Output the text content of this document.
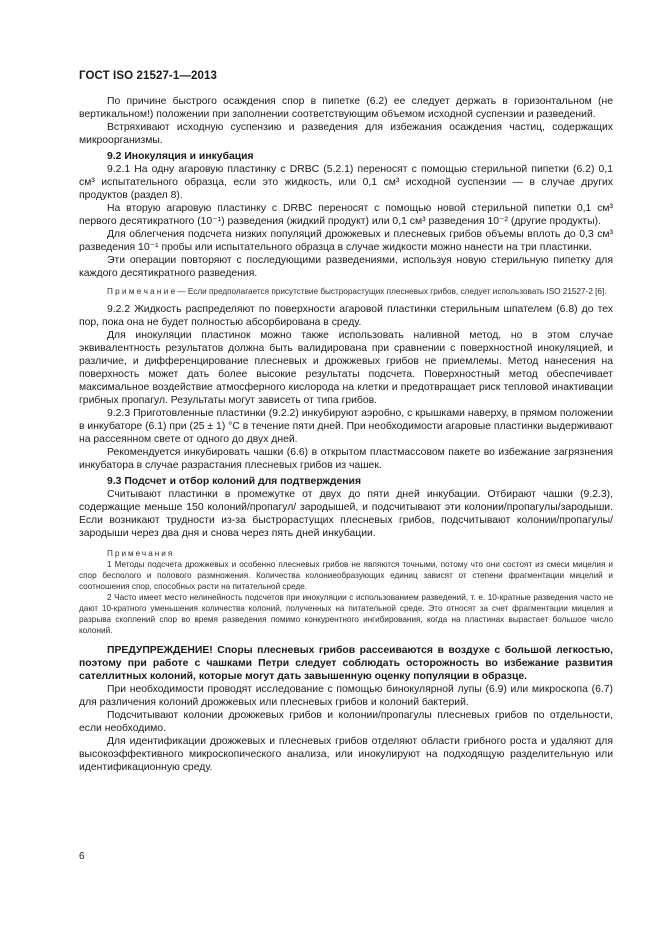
ГОСТ ISO 21527-1—2013

По причине быстрого осаждения спор в пипетке (6.2) ее следует держать в горизонтальном (не вертикальном!) положении при заполнении соответствующим объемом исходной суспензии и разведений.

Встряхивают исходную суспензию и разведения для избежания осаждения частиц, содержащих микроорганизмы.

9.2 Инокуляция и инкубация

9.2.1 На одну агаровую пластинку с DRBC (5.2.1) переносят с помощью стерильной пипетки (6.2) 0,1 см³ испытательного образца, если это жидкость, или 0,1 см³ исходной суспензии — в случае других продуктов (раздел 8).

На вторую агаровую пластинку с DRBC переносят с помощью новой стерильной пипетки 0,1 см³ первого десятикратного (10⁻¹) разведения (жидкий продукт) или 0,1 см³ разведения 10⁻² (другие продукты).

Для облегчения подсчета низких популяций дрожжевых и плесневых грибов объемы вплоть до 0,3 см³ разведения 10⁻¹ пробы или испытательного образца в случае жидкости можно нанести на три пластинки.

Эти операции повторяют с последующими разведениями, используя новую стерильную пипетку для каждого десятикратного разведения.

П р и м е ч а н и е — Если предполагается присутствие быстрорастущих плесневых грибов, следует использовать ISO 21527-2 [6].

9.2.2 Жидкость распределяют по поверхности агаровой пластинки стерильным шпателем (6.8) до тех пор, пока она не будет полностью абсорбирована в среду.

Для инокуляции пластинок можно также использовать наливной метод, но в этом случае эквивалентность результатов должна быть валидирована при сравнении с поверхностной инокуляцией, и различие, и дифференцирование плесневых и дрожжевых грибов не приемлемы. Метод нанесения на поверхность может дать более высокие результаты подсчета. Поверхностный метод обеспечивает максимальное воздействие атмосферного кислорода на клетки и предотвращает риск тепловой инактивации грибных пропагул. Результаты могут зависеть от типа грибов.

9.2.3 Приготовленные пластинки (9.2.2) инкубируют аэробно, с крышками наверху, в прямом положении в инкубаторе (6.1) при (25 ± 1) °С в течение пяти дней. При необходимости агаровые пластинки выдерживают на рассеянном свете от одного до двух дней.

Рекомендуется инкубировать чашки (6.6) в открытом пластмассовом пакете во избежание загрязнения инкубатора в случае разрастания плесневых грибов из чашек.

9.3 Подсчет и отбор колоний для подтверждения

Считывают пластинки в промежутке от двух до пяти дней инкубации. Отбирают чашки (9.2.3), содержащие меньше 150 колоний/пропагул/ зародышей, и подсчитывают эти колонии/пропагулы/зародыши. Если возникают трудности из-за быстрорастущих плесневых грибов, подсчитывают колонии/пропагулы/зародыши через два дня и снова через пять дней инкубации.

Примечания

1 Методы подсчета дрожжевых и особенно плесневых грибов не являются точными, потому что они состоят из смеси мицелия и спор бесполого и полового размножения. Количества колониеобразующих единиц зависят от степени фрагментации мицелий и соотношения спор, способных расти на питательной среде.

2 Часто имеет место нелинейность подсчетов при инокуляции с использованием разведений, т. е. 10-кратные разведения часто не дают 10-кратного уменьшения количества колоний, полученных на питательной среде. Это относят за счет фрагментации мицелия и разрыва скоплений спор во время разведения помимо конкурентного ингибирования, когда на пластинах вырастает большое число колоний.

ПРЕДУПРЕЖДЕНИЕ! Споры плесневых грибов рассеиваются в воздухе с большой легкостью, поэтому при работе с чашками Петри следует соблюдать осторожность во избежание развития сателлитных колоний, которые могут дать завышенную оценку популяции в образце.

При необходимости проводят исследование с помощью бинокулярной лупы (6.9) или микроскопа (6.7) для различения колоний дрожжевых или плесневых грибов и колоний бактерий.

Подсчитывают колонии дрожжевых грибов и колонии/пропагулы плесневых грибов по отдельности, если необходимо.

Для идентификации дрожжевых и плесневых грибов отделяют области грибного роста и удаляют для высокоэффективного микроскопического анализа, или инокулируют на подходящую разделительную или идентификационную среду.

6
